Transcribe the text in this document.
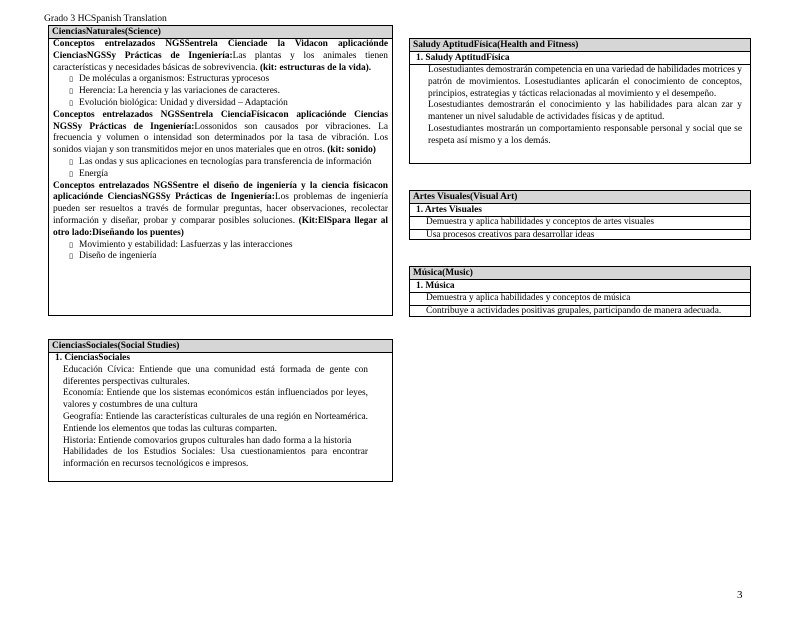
Grado 3 HCSpanish Translation
CienciasNaturales(Science)
Conceptos entrelazados NGSSentrela Cienciade la Vidacon aplicaciónde CienciasNGSSy Prácticas de Ingeniería:Las plantas y los animales tienen características y necesidades básicas de sobrevivencia. (kit: estructuras de la vida).
▯ De moléculas a organismos: Estructuras yprocesos
▯ Herencia: La herencia y las variaciones de caracteres.
▯ Evolución biológica: Unidad y diversidad – Adaptación
Conceptos entrelazados NGSSentrela CienciaFísicacon aplicaciónde Ciencias NGSSy Prácticas de Ingeniería:Lossonidos son causados por vibraciones. La frecuencia y volumen o intensidad son determinados por la tasa de vibración. Los sonidos viajan y son transmitidos mejor en unos materiales que en otros. (kit: sonido)
▯ Las ondas y sus aplicaciones en tecnologías para transferencia de información
▯ Energía
Conceptos entrelazados NGSSentre el diseño de ingeniería y la ciencia físicacon aplicaciónde CienciasNGSSy Prácticas de Ingeniería:Los problemas de ingeniería pueden ser resueltos a través de formular preguntas, hacer observaciones, recolectar información y diseñar, probar y comparar posibles soluciones. (Kit:ElSpara llegar al otro lado:Diseñando los puentes)
▯ Movimiento y estabilidad: Lasfuerzas y las interacciones
▯ Diseño de ingeniería
CienciasSociales(Social Studies)
1. CienciasSociales
Educación Cívica: Entiende que una comunidad está formada de gente con diferentes perspectivas culturales.
Economía: Entiende que los sistemas económicos están influenciados por leyes, valores y costumbres de una cultura
Geografía: Entiende las características culturales de una región en Norteamérica. Entiende los elementos que todas las culturas comparten.
Historia: Entiende comovarios grupos culturales han dado forma a la historia
Habilidades de los Estudios Sociales: Usa cuestionamientos para encontrar información en recursos tecnológicos e impresos.
Saludy AptitudFísica(Health and Fitness)
1. Saludy AptitudFísica
Losestudiantes demostrarán competencia en una variedad de habilidades motrices y patrón de movimientos. Losestudiantes aplicarán el conocimiento de conceptos, principios, estrategias y tácticas relacionadas al movimiento y el desempeño.
Losestudiantes demostrarán el conocimiento y las habilidades para alcan zar y mantener un nivel saludable de actividades físicas y de aptitud.
Losestudiantes mostrarán un comportamiento responsable personal y social que se respeta así mismo y a los demás.
Artes Visuales(Visual Art)
1. Artes Visuales
Demuestra y aplica habilidades y conceptos de artes visuales
Usa procesos creativos para desarrollar ideas
Música(Music)
1. Música
Demuestra y aplica habilidades y conceptos de música
Contribuye a actividades positivas grupales, participando de manera adecuada.
3
